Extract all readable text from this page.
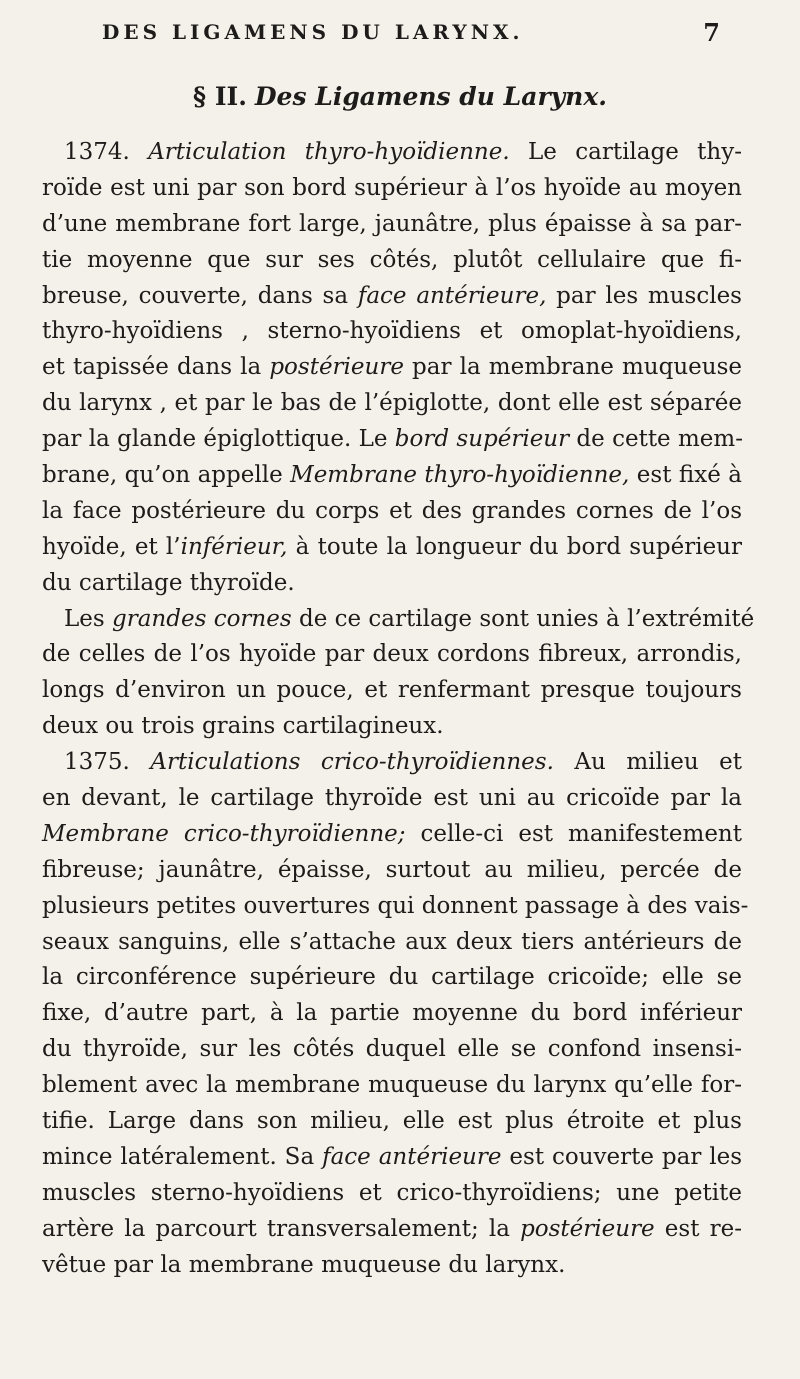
DES LIGAMENS DU LARYNX.	7
§ II. Des Ligamens du Larynx.
1374. Articulation thyro-hyoïdienne. Le cartilage thy-
roïde est uni par son bord supérieur à l’os hyoïde au moyen
d’une membrane fort large, jaunâtre, plus épaisse à sa par-
tie moyenne que sur ses côtés, plutôt cellulaire que fi-
breuse, couverte, dans sa face antérieure, par les muscles
thyro-hyoïdiens , sterno-hyoïdiens et omoplat-hyoïdiens,
et tapissée dans la postérieure par la membrane muqueuse
du larynx , et par le bas de l’épiglotte, dont elle est séparée
par la glande épiglottique. Le bord supérieur de cette mem-
brane, qu’on appelle Membrane thyro-hyoïdienne, est fixé à
la face postérieure du corps et des grandes cornes de l’os
hyoïde, et l’inférieur, à toute la longueur du bord supérieur
du cartilage thyroïde.
Les grandes cornes de ce cartilage sont unies à l’extrémité
de celles de l’os hyoïde par deux cordons fibreux, arrondis,
longs d’environ un pouce, et renfermant presque toujours
deux ou trois grains cartilagineux.
1375. Articulations crico-thyroïdiennes. Au milieu et
en devant, le cartilage thyroïde est uni au cricoïde par la
Membrane crico-thyroïdienne; celle-ci est manifestement
fibreuse; jaunâtre, épaisse, surtout au milieu, percée de
plusieurs petites ouvertures qui donnent passage à des vais-
seaux sanguins, elle s’attache aux deux tiers antérieurs de
la circonférence supérieure du cartilage cricoïde; elle se
fixe, d’autre part, à la partie moyenne du bord inférieur
du thyroïde, sur les côtés duquel elle se confond insensi-
blement avec la membrane muqueuse du larynx qu’elle for-
tifie. Large dans son milieu, elle est plus étroite et plus
mince latéralement. Sa face antérieure est couverte par les
muscles sterno-hyoïdiens et crico-thyroïdiens; une petite
artère la parcourt transversalement; la postérieure est re-
vêtue par la membrane muqueuse du larynx.
